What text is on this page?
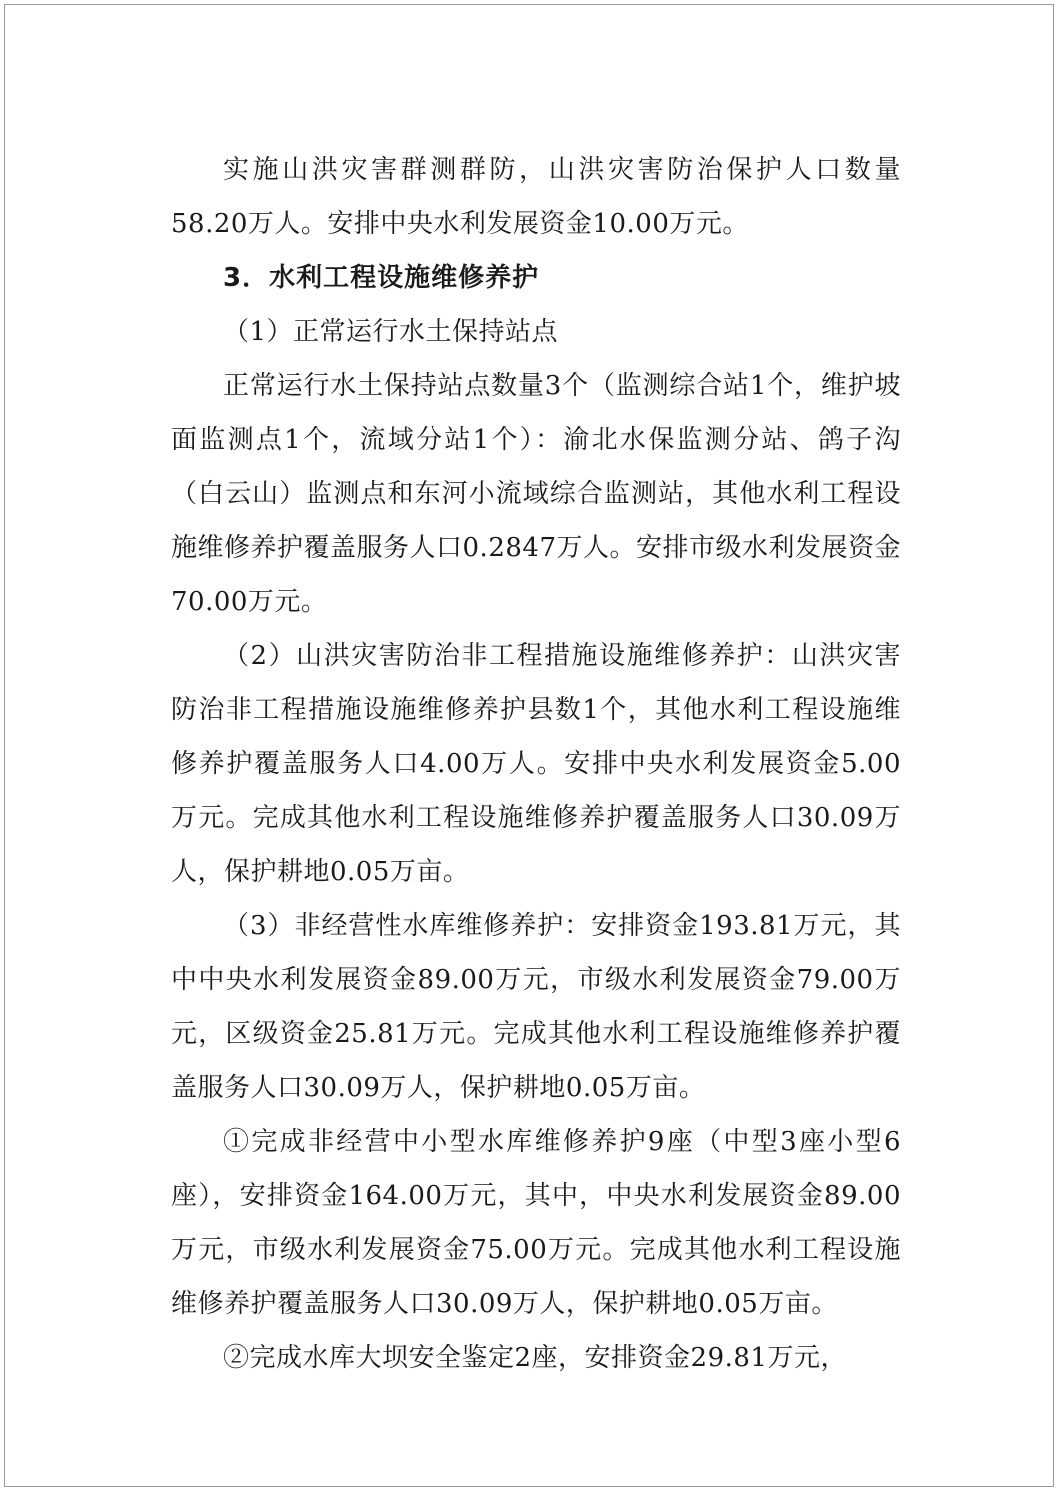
实施山洪灾害群测群防，山洪灾害防治保护人口数量58.20万人。安排中央水利发展资金10.00万元。

3．水利工程设施维修养护

（1）正常运行水土保持站点

正常运行水土保持站点数量3个（监测综合站1个，维护坡面监测点1个，流域分站1个）：渝北水保监测分站、鸽子沟（白云山）监测点和东河小流域综合监测站，其他水利工程设施维修养护覆盖服务人口0.2847万人。安排市级水利发展资金70.00万元。

（2）山洪灾害防治非工程措施设施维修养护：山洪灾害防治非工程措施设施维修养护县数1个，其他水利工程设施维修养护覆盖服务人口4.00万人。安排中央水利发展资金5.00 万元。完成其他水利工程设施维修养护覆盖服务人口30.09万人，保护耕地0.05万亩。

（3）非经营性水库维修养护：安排资金193.81万元，其中中央水利发展资金89.00万元，市级水利发展资金79.00万元，区级资金25.81万元。完成其他水利工程设施维修养护覆盖服务人口30.09万人，保护耕地0.05万亩。

①完成非经营中小型水库维修养护9座（中型3座小型6座），安排资金164.00万元，其中，中央水利发展资金89.00万元，市级水利发展资金75.00万元。完成其他水利工程设施维修养护覆盖服务人口30.09万人，保护耕地0.05万亩。

②完成水库大坝安全鉴定2座，安排资金29.81万元，
